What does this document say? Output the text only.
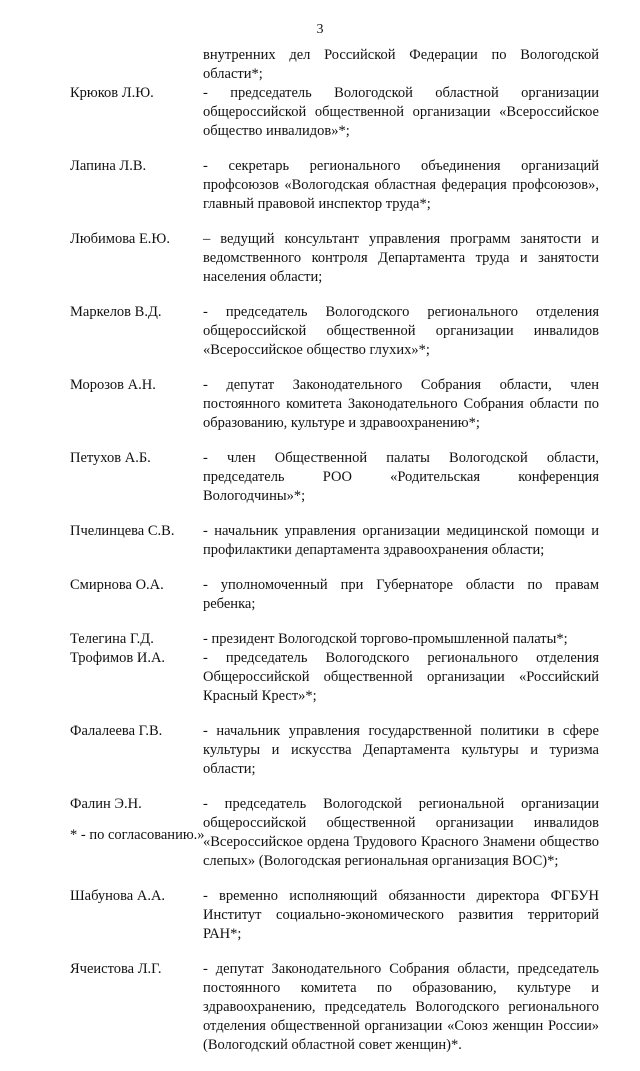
3
внутренних дел Российской Федерации по Вологодской области*;
Крюков Л.Ю.	- председатель Вологодской областной организации общероссийской общественной организации «Всероссийское общество инвалидов»*;
Лапина Л.В.	- секретарь регионального объединения организаций профсоюзов «Вологодская областная федерация профсоюзов», главный правовой инспектор труда*;
Любимова Е.Ю.	– ведущий консультант управления программ занятости и ведомственного контроля Департамента труда и занятости населения области;
Маркелов В.Д.	- председатель Вологодского регионального отделения общероссийской общественной организации инвалидов «Всероссийское общество глухих»*;
Морозов А.Н.	- депутат Законодательного Собрания области, член постоянного комитета Законодательного Собрания области по образованию, культуре и здравоохранению*;
Петухов А.Б.	- член Общественной палаты Вологодской области, председатель РОО «Родительская конференция Вологодчины»*;
Пчелинцева С.В.	- начальник управления организации медицинской помощи и профилактики департамента здравоохранения области;
Смирнова О.А.	- уполномоченный при Губернаторе области по правам ребенка;
Телегина Г.Д.	- президент Вологодской торгово-промышленной палаты*;
Трофимов И.А.	- председатель Вологодского регионального отделения Общероссийской общественной организации «Российский Красный Крест»*;
Фалалеева Г.В.	- начальник управления государственной политики в сфере культуры и искусства Департамента культуры и туризма области;
Фалин Э.Н.	- председатель Вологодской региональной организации общероссийской общественной организации инвалидов «Всероссийское ордена Трудового Красного Знамени общество слепых» (Вологодская региональная организация ВОС)*;
Шабунова А.А.	- временно исполняющий обязанности директора ФГБУН Институт социально-экономического развития территорий РАН*;
Ячеистова Л.Г.	- депутат Законодательного Собрания области, председатель постоянного комитета по образованию, культуре и здравоохранению, председатель Вологодского регионального отделения общественной организации «Союз женщин России» (Вологодский областной совет женщин)*.
* - по согласованию.»
